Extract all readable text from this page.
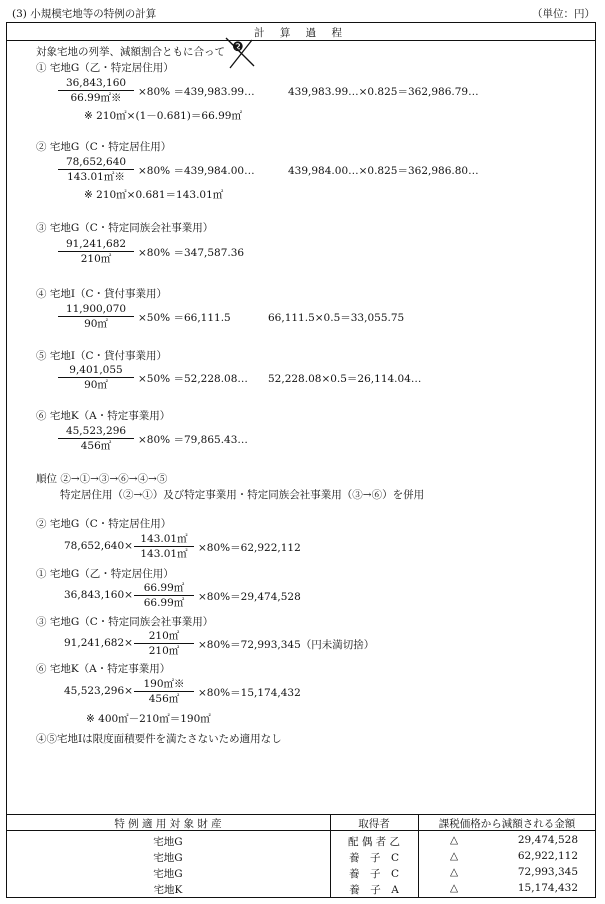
(3) 小規模宅地等の特例の計算	（単位：円）
計 算 過 程
対象宅地の列挙、減額割合ともに合って ❷
① 宅地G（乙・特定居住用）
$\frac{36,843,160}{66.99㎡※} \times 80\%$ ＝439,983.99…	439,983.99…×0.825＝362,986.79…
※ 210㎡×(1－0.681)＝66.99㎡
② 宅地G（C・特定居住用）
$\frac{78,652,640}{143.01㎡※} \times 80\%$ ＝439,984.00…	439,984.00…×0.825＝362,986.80…
※ 210㎡×0.681＝143.01㎡
③ 宅地G（C・特定同族会社事業用）
$\frac{91,241,682}{210㎡} \times 80\% =347,587.36$
④ 宅地I（C・貸付事業用）
$\frac{11,900,070}{90㎡} \times 50\% =66,111.5$	66,111.5×0.5＝33,055.75
⑤ 宅地I（C・貸付事業用）
$\frac{9,401,055}{90㎡} \times 50\%$ ＝52,228.08… 52,228.08×0.5＝26,114.04…
⑥ 宅地K（A・特定事業用）
$\frac{45,523,296}{456㎡} \times 80\%$ ＝79,865.43…
順位 ②→①→③→⑥→④→⑤
特定居住用（②→①）及び特定事業用・特定同族会社事業用（③→⑥）を併用
② 宅地G（C・特定居住用）
$78,652,640\times \frac{143.01㎡}{143.01㎡} \times 80\%=62,922,112$
① 宅地G（乙・特定居住用）
$36,843,160\times \frac{66.99㎡}{66.99㎡} \times 80\%=29,474,528$
③ 宅地G（C・特定同族会社事業用）
$91,241,682\times \frac{210㎡}{210㎡} \times 80\%=72,993,345$（円未満切捨）
⑥ 宅地K（A・特定事業用）
$45,523,296\times \frac{190㎡※}{456㎡} \times 80\%=15,174,432$
※ 400㎡－210㎡＝190㎡
④⑤宅地Iは限度面積要件を満たさないため適用なし
特 例 適 用 対 象 財 産	取得者	課税価格から減額される金額
宅地G	配 偶 者 乙	△	29,474,528
宅地G	養　子　C	△	62,922,112
宅地G	養　子　C	△	72,993,345
宅地K	養　子　A	△	15,174,432
